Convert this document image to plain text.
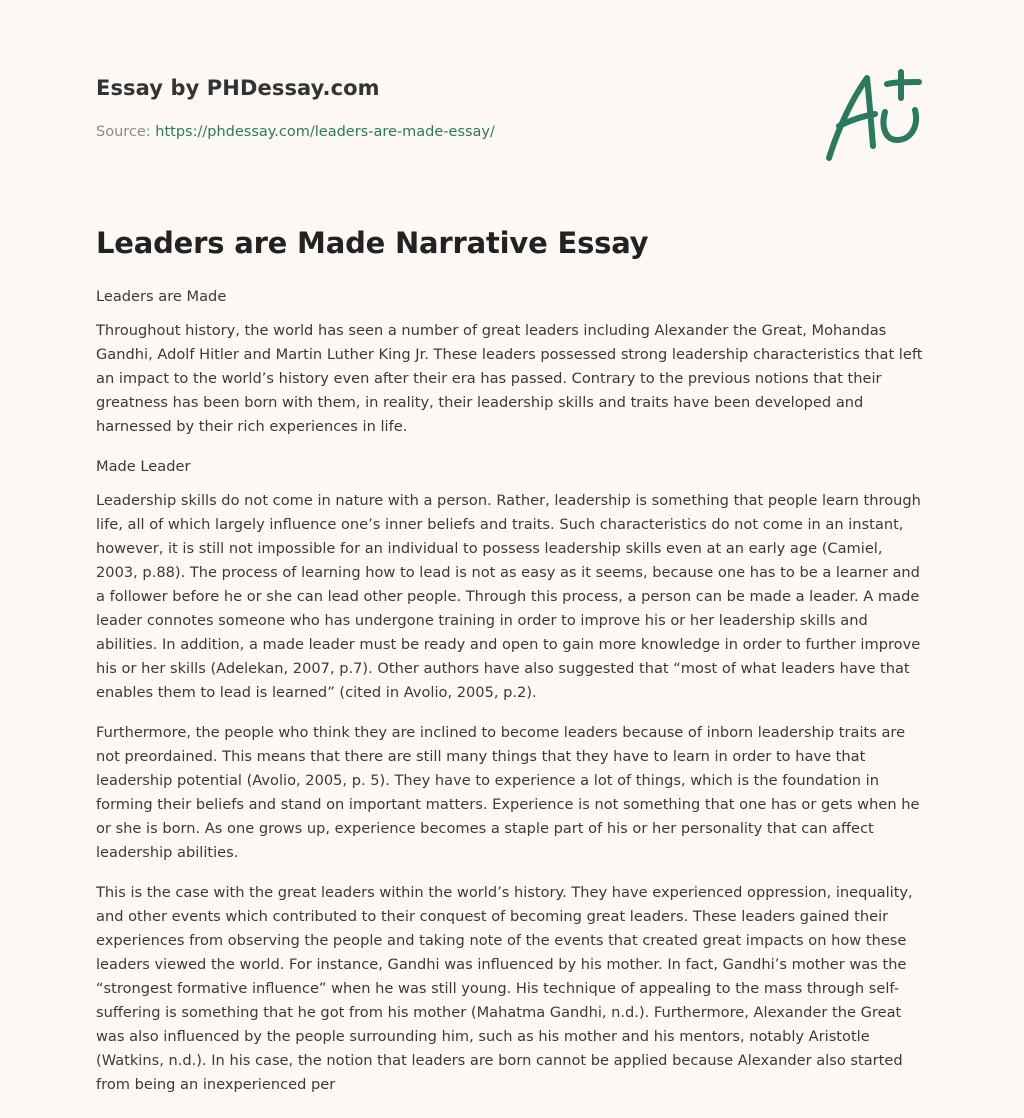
Essay by PHDessay.com
Source: https://phdessay.com/leaders-are-made-essay/
Leaders are Made Narrative Essay

Leaders are Made

Throughout history, the world has seen a number of great leaders including Alexander the Great, Mohandas Gandhi, Adolf Hitler and Martin Luther King Jr. These leaders possessed strong leadership characteristics that left an impact to the world’s history even after their era has passed. Contrary to the previous notions that their greatness has been born with them, in reality, their leadership skills and traits have been developed and harnessed by their rich experiences in life.

Made Leader

Leadership skills do not come in nature with a person. Rather, leadership is something that people learn through life, all of which largely influence one’s inner beliefs and traits. Such characteristics do not come in an instant, however, it is still not impossible for an individual to possess leadership skills even at an early age (Camiel, 2003, p.88). The process of learning how to lead is not as easy as it seems, because one has to be a learner and a follower before he or she can lead other people. Through this process, a person can be made a leader. A made leader connotes someone who has undergone training in order to improve his or her leadership skills and abilities. In addition, a made leader must be ready and open to gain more knowledge in order to further improve his or her skills (Adelekan, 2007, p.7). Other authors have also suggested that “most of what leaders have that enables them to lead is learned” (cited in Avolio, 2005, p.2).

Furthermore, the people who think they are inclined to become leaders because of inborn leadership traits are not preordained. This means that there are still many things that they have to learn in order to have that leadership potential (Avolio, 2005, p. 5). They have to experience a lot of things, which is the foundation in forming their beliefs and stand on important matters. Experience is not something that one has or gets when he or she is born. As one grows up, experience becomes a staple part of his or her personality that can affect leadership abilities.

This is the case with the great leaders within the world’s history. They have experienced oppression, inequality, and other events which contributed to their conquest of becoming great leaders. These leaders gained their experiences from observing the people and taking note of the events that created great impacts on how these leaders viewed the world. For instance, Gandhi was influenced by his mother. In fact, Gandhi’s mother was the “strongest formative influence” when he was still young. His technique of appealing to the mass through self-suffering is something that he got from his mother (Mahatma Gandhi, n.d.). Furthermore, Alexander the Great was also influenced by the people surrounding him, such as his mother and his mentors, notably Aristotle (Watkins, n.d.). In his case, the notion that leaders are born cannot be applied because Alexander also started from being an inexperienced per
